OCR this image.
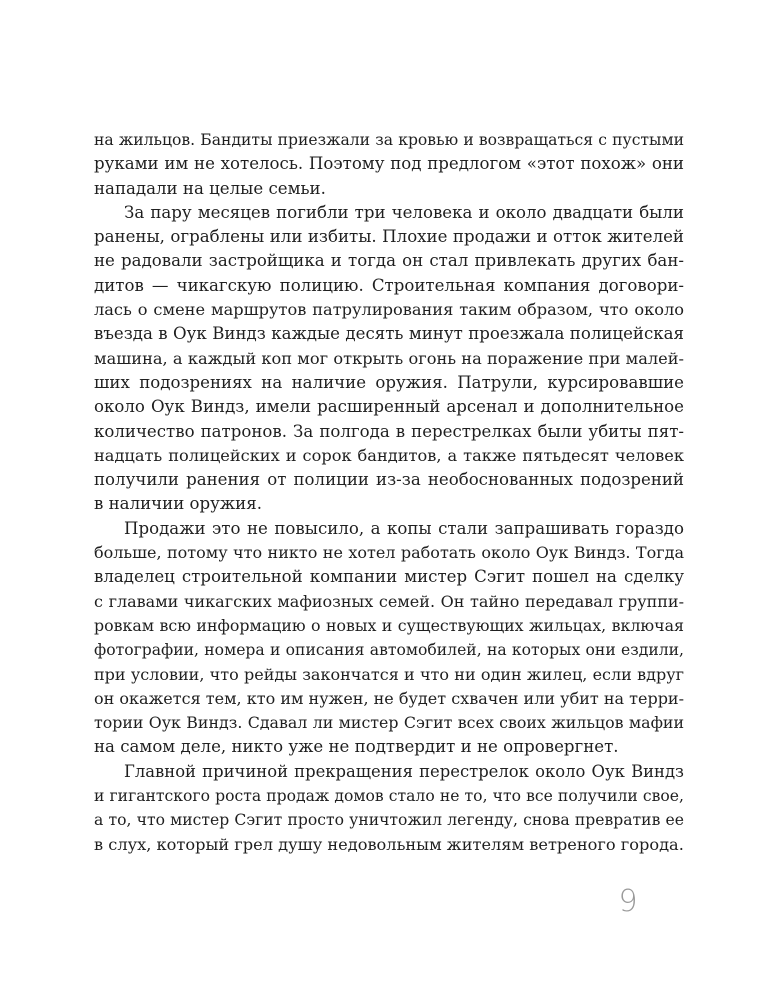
на жильцов. Бандиты приезжали за кровью и возвращаться с пустыми
руками им не хотелось. Поэтому под предлогом «этот похож» они
нападали на целые семьи.
За пару месяцев погибли три человека и около двадцати были
ранены, ограблены или избиты. Плохие продажи и отток жителей
не радовали застройщика и тогда он стал привлекать других бан-
дитов — чикагскую полицию. Строительная компания договори-
лась о смене маршрутов патрулирования таким образом, что около
въезда в Оук Виндз каждые десять минут проезжала полицейская
машина, а каждый коп мог открыть огонь на поражение при малей-
ших подозрениях на наличие оружия. Патрули, курсировавшие
около Оук Виндз, имели расширенный арсенал и дополнительное
количество патронов. За полгода в перестрелках были убиты пят-
надцать полицейских и сорок бандитов, а также пятьдесят человек
получили ранения от полиции из-за необоснованных подозрений
в наличии оружия.
Продажи это не повысило, а копы стали запрашивать гораздо
больше, потому что никто не хотел работать около Оук Виндз. Тогда
владелец строительной компании мистер Сэгит пошел на сделку
с главами чикагских мафиозных семей. Он тайно передавал группи-
ровкам всю информацию о новых и существующих жильцах, включая
фотографии, номера и описания автомобилей, на которых они ездили,
при условии, что рейды закончатся и что ни один жилец, если вдруг
он окажется тем, кто им нужен, не будет схвачен или убит на терри-
тории Оук Виндз. Сдавал ли мистер Сэгит всех своих жильцов мафии
на самом деле, никто уже не подтвердит и не опровергнет.
Главной причиной прекращения перестрелок около Оук Виндз
и гигантского роста продаж домов стало не то, что все получили свое,
а то, что мистер Сэгит просто уничтожил легенду, снова превратив ее
в слух, который грел душу недовольным жителям ветреного города.
9
